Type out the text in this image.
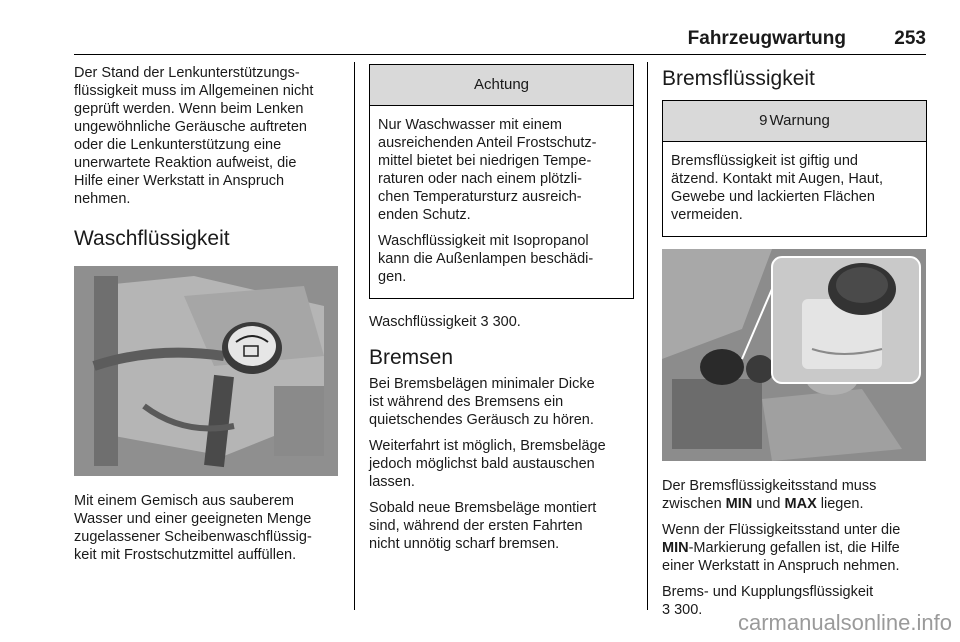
Fahrzeugwartung	253

Der Stand der Lenkunterstützungs-
flüssigkeit muss im Allgemeinen nicht
geprüft werden. Wenn beim Lenken
ungewöhnliche Geräusche auftreten
oder die Lenkunterstützung eine
unerwartete Reaktion aufweist, die
Hilfe einer Werkstatt in Anspruch
nehmen.

Waschflüssigkeit

Mit einem Gemisch aus sauberem
Wasser und einer geeigneten Menge
zugelassener Scheibenwaschflüssig-
keit mit Frostschutzmittel auffüllen.

Achtung

Nur Waschwasser mit einem
ausreichenden Anteil Frostschutz-
mittel bietet bei niedrigen Tempe-
raturen oder nach einem plötzli-
chen Temperatursturz ausreich-
enden Schutz.

Waschflüssigkeit mit Isopropanol
kann die Außenlampen beschädi-
gen.

Waschflüssigkeit 3 300.

Bremsen

Bei Bremsbelägen minimaler Dicke
ist während des Bremsens ein
quietschendes Geräusch zu hören.

Weiterfahrt ist möglich, Bremsbeläge
jedoch möglichst bald austauschen
lassen.

Sobald neue Bremsbeläge montiert
sind, während der ersten Fahrten
nicht unnötig scharf bremsen.

Bremsflüssigkeit
9 Warnung

Bremsflüssigkeit ist giftig und
ätzend. Kontakt mit Augen, Haut,
Gewebe und lackierten Flächen
vermeiden.

Der Bremsflüssigkeitsstand muss
zwischen MIN und MAX liegen.

Wenn der Flüssigkeitsstand unter die
MIN-Markierung gefallen ist, die Hilfe
einer Werkstatt in Anspruch nehmen.

Brems- und Kupplungsflüssigkeit
3 300.	carmanualsonline.info
